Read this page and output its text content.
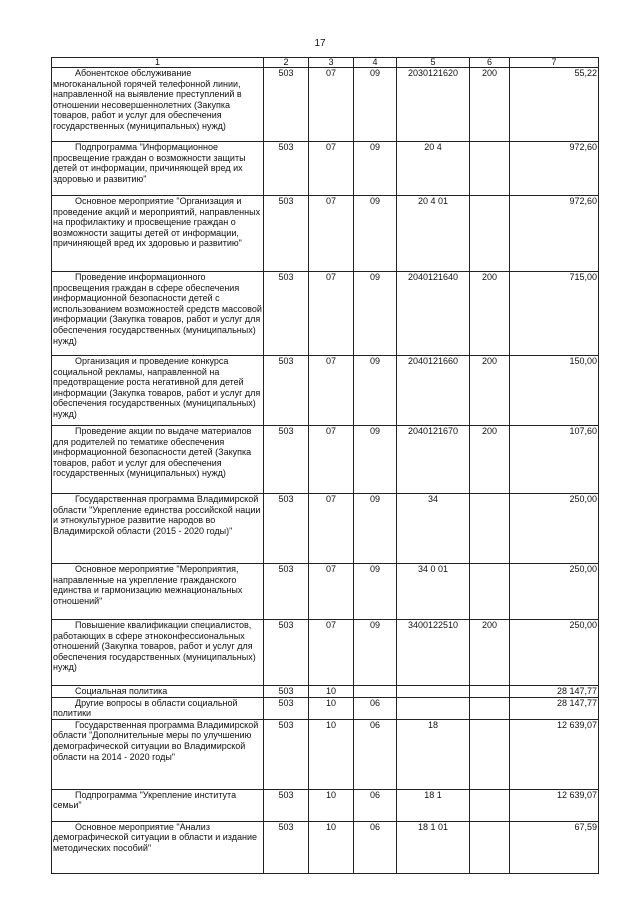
17
1	2	3	4	5	6	7

Абонентское обслуживание многоканальной горячей телефонной линии, направленной на выявление преступлений в отношении несовершеннолетних (Закупка товаров, работ и услуг для обеспечения государственных (муниципальных) нужд)	503	07	09	2030121620	200	55,22

Подпрограмма "Информационное просвещение граждан о возможности защиты детей от информации, причиняющей вред их здоровью и развитию"	503	07	09	20 4		972,60

Основное мероприятие "Организация и проведение акций и мероприятий, направленных на профилактику и просвещение граждан о возможности защиты детей от информации, причиняющей вред их здоровью и развитию"	503	07	09	20 4 01		972,60

Проведение информационного просвещения граждан в сфере обеспечения информационной безопасности детей с использованием возможностей средств массовой информации (Закупка товаров, работ и услуг для обеспечения государственных (муниципальных) нужд)	503	07	09	2040121640	200	715,00

Организация и проведение конкурса социальной рекламы, направленной на предотвращение роста негативной для детей информации (Закупка товаров, работ и услуг для обеспечения государственных (муниципальных) нужд)	503	07	09	2040121660	200	150,00

Проведение акции по выдаче материалов для родителей по тематике обеспечения информационной безопасности детей (Закупка товаров, работ и услуг для обеспечения государственных (муниципальных) нужд)	503	07	09	2040121670	200	107,60

Государственная программа Владимирской области "Укрепление единства российской нации и этнокультурное развитие народов во Владимирской области (2015 - 2020 годы)"	503	07	09	34		250,00

Основное мероприятие "Мероприятия, направленные на укрепление гражданского единства и гармонизацию межнациональных отношений"	503	07	09	34 0 01		250,00

Повышение квалификации специалистов, работающих в сфере этноконфессиональных отношений (Закупка товаров, работ и услуг для обеспечения государственных (муниципальных) нужд)	503	07	09	3400122510	200	250,00

Социальная политика	503	10				28 147,77

Другие вопросы в области социальной политики	503	10	06			28 147,77

Государственная программа Владимирской области "Дополнительные меры по улучшению демографической ситуации во Владимирской области на 2014 - 2020 годы"	503	10	06	18		12 639,07

Подпрограмма "Укрепление института семьи"	503	10	06	18 1		12 639,07

Основное мероприятие "Анализ демографической ситуации в области и издание методических пособий"	503	10	06	18 1 01		67,59
